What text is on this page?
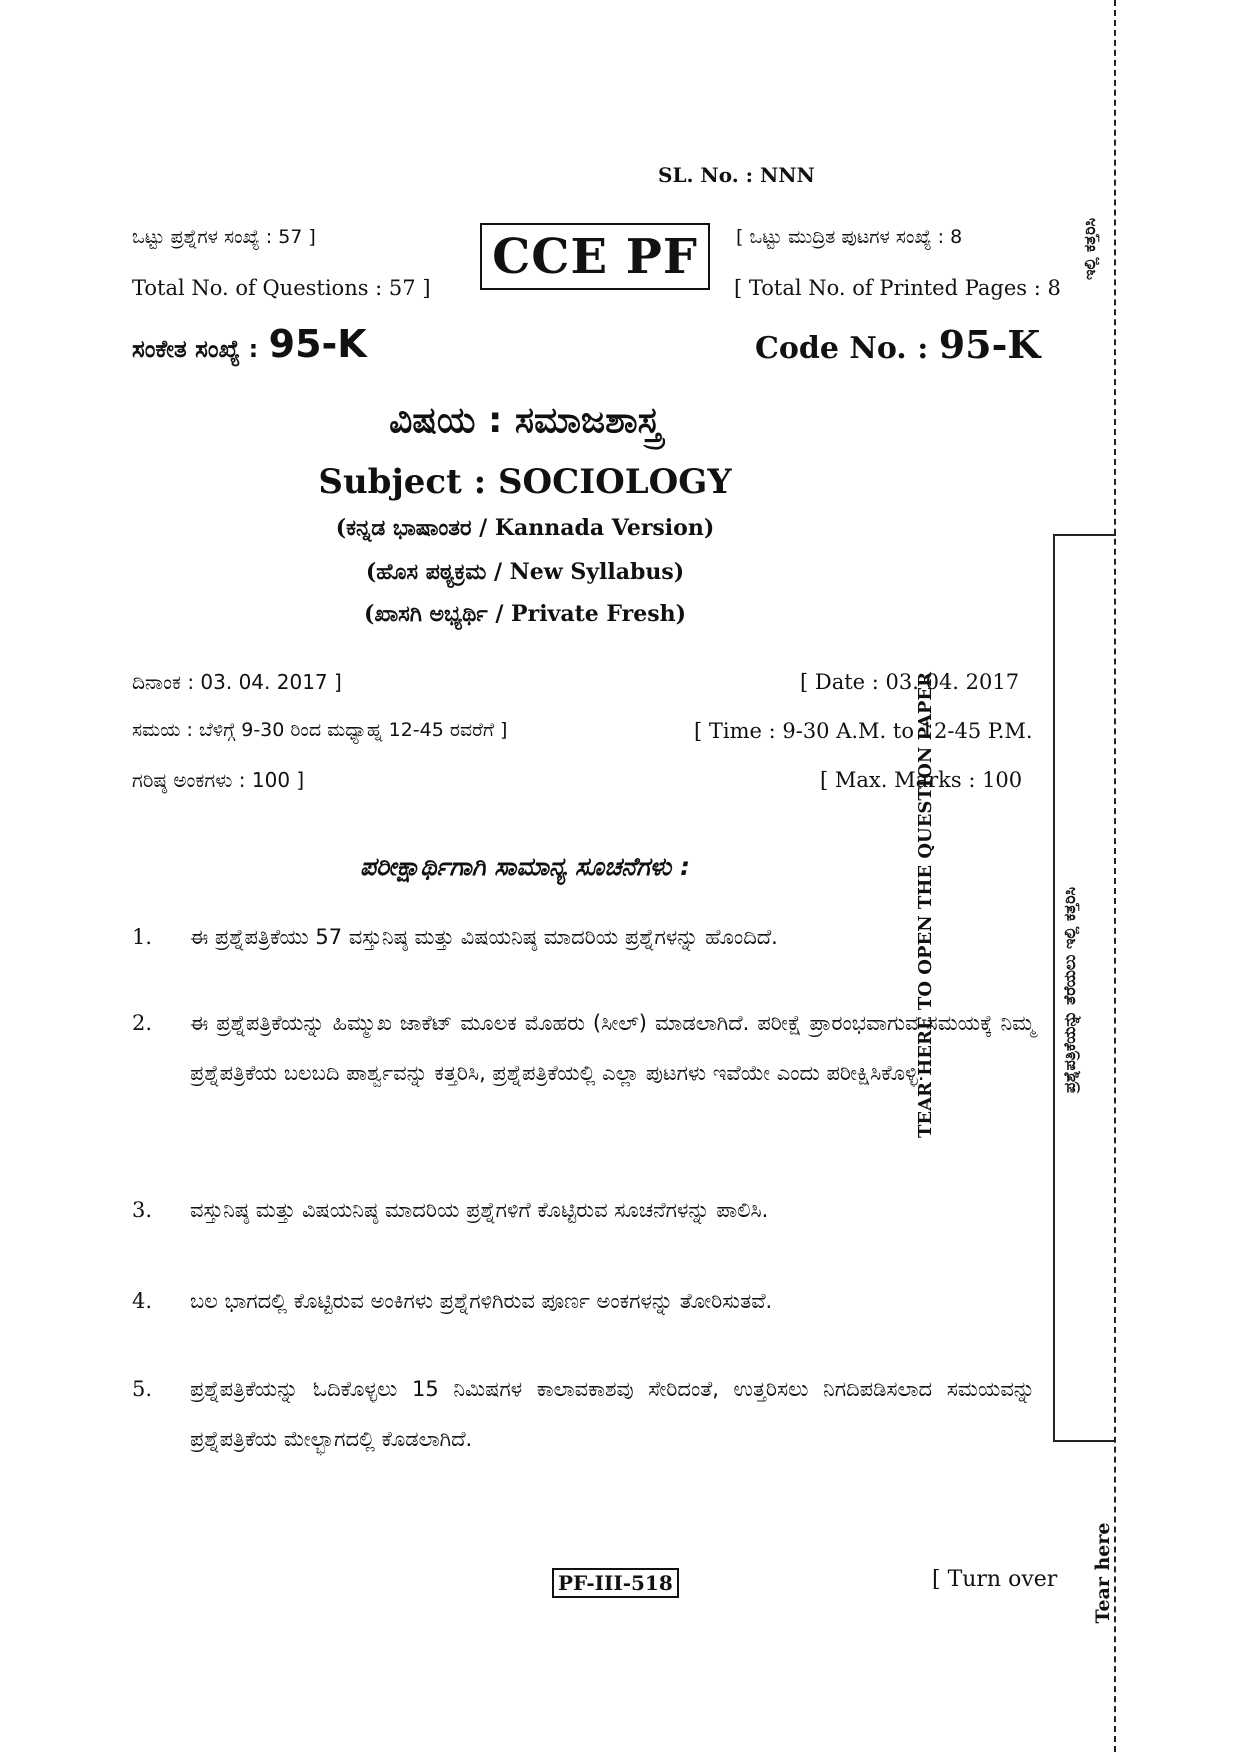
SL. No. : NNN
ಒಟ್ಟು ಪ್ರಶ್ನೆಗಳ ಸಂಖ್ಯೆ : 57 ]
Total No. of Questions : 57 ]
CCE PF [ ಒಟ್ಟು ಮುದ್ರಿತ ಪುಟಗಳ ಸಂಖ್ಯೆ : 8
[ Total No. of Printed Pages : 8
ಸಂಕೇತ ಸಂಖ್ಯೆ : 95-K	Code No. : 95-K
ವಿಷಯ : ಸಮಾಜಶಾಸ್ತ್ರ
Subject : SOCIOLOGY
(ಕನ್ನಡ ಭಾಷಾಂತರ / Kannada Version)
(ಹೊಸ ಪಠ್ಯಕ್ರಮ / New Syllabus)
(ಖಾಸಗಿ ಅಭ್ಯರ್ಥಿ / Private Fresh)
ದಿನಾಂಕ : 03. 04. 2017 ]	[ Date : 03. 04. 2017
ಸಮಯ : ಬೆಳಿಗ್ಗೆ 9-30 ರಿಂದ ಮಧ್ಯಾಹ್ನ 12-45 ರವರೆಗೆ ]	[ Time : 9-30 A.M. to 12-45 P.M.
ಗರಿಷ್ಠ ಅಂಕಗಳು : 100 ]	[ Max. Marks : 100
ಪರೀಕ್ಷಾರ್ಥಿಗಾಗಿ ಸಾಮಾನ್ಯ ಸೂಚನೆಗಳು :
1. ಈ ಪ್ರಶ್ನೆಪತ್ರಿಕೆಯು 57 ವಸ್ತುನಿಷ್ಠ ಮತ್ತು ವಿಷಯನಿಷ್ಠ ಮಾದರಿಯ ಪ್ರಶ್ನೆಗಳನ್ನು ಹೊಂದಿದೆ.
2. ಈ ಪ್ರಶ್ನೆಪತ್ರಿಕೆಯನ್ನು ಹಿಮ್ಮುಖ ಜಾಕೆಟ್ ಮೂಲಕ ಮೊಹರು (ಸೀಲ್) ಮಾಡಲಾಗಿದೆ. ಪರೀಕ್ಷೆ ಪ್ರಾರಂಭವಾಗುವ ಸಮಯಕ್ಕೆ ನಿಮ್ಮ ಪ್ರಶ್ನೆಪತ್ರಿಕೆಯ ಬಲಬದಿ ಪಾರ್ಶ್ವವನ್ನು ಕತ್ತರಿಸಿ, ಪ್ರಶ್ನೆಪತ್ರಿಕೆಯಲ್ಲಿ ಎಲ್ಲಾ ಪುಟಗಳು ಇವೆಯೇ ಎಂದು ಪರೀಕ್ಷಿಸಿಕೊಳ್ಳಿ.
3. ವಸ್ತುನಿಷ್ಠ ಮತ್ತು ವಿಷಯನಿಷ್ಠ ಮಾದರಿಯ ಪ್ರಶ್ನೆಗಳಿಗೆ ಕೊಟ್ಟಿರುವ ಸೂಚನೆಗಳನ್ನು ಪಾಲಿಸಿ.
4. ಬಲ ಭಾಗದಲ್ಲಿ ಕೊಟ್ಟಿರುವ ಅಂಕಿಗಳು ಪ್ರಶ್ನೆಗಳಿಗಿರುವ ಪೂರ್ಣ ಅಂಕಗಳನ್ನು ತೋರಿಸುತವೆ.
5. ಪ್ರಶ್ನೆಪತ್ರಿಕೆಯನ್ನು ಓದಿಕೊಳ್ಳಲು 15 ನಿಮಿಷಗಳ ಕಾಲಾವಕಾಶವು ಸೇರಿದಂತೆ, ಉತ್ತರಿಸಲು ನಿಗದಿಪಡಿಸಲಾದ ಸಮಯವನ್ನು ಪ್ರಶ್ನೆಪತ್ರಿಕೆಯ ಮೇಲ್ಭಾಗದಲ್ಲಿ ಕೊಡಲಾಗಿದೆ.
PF-III-518	[ Turn over
ಇಲ್ಲಿ ಕತ್ತರಿಸಿ
TEAR HERE TO OPEN THE QUESTION PAPER	ಪ್ರಶ್ನೆಪತ್ರಿಕೆಯನ್ನು ತೆರೆಯಲು ಇಲ್ಲಿ ಕತ್ತರಿಸಿ
Tear here
